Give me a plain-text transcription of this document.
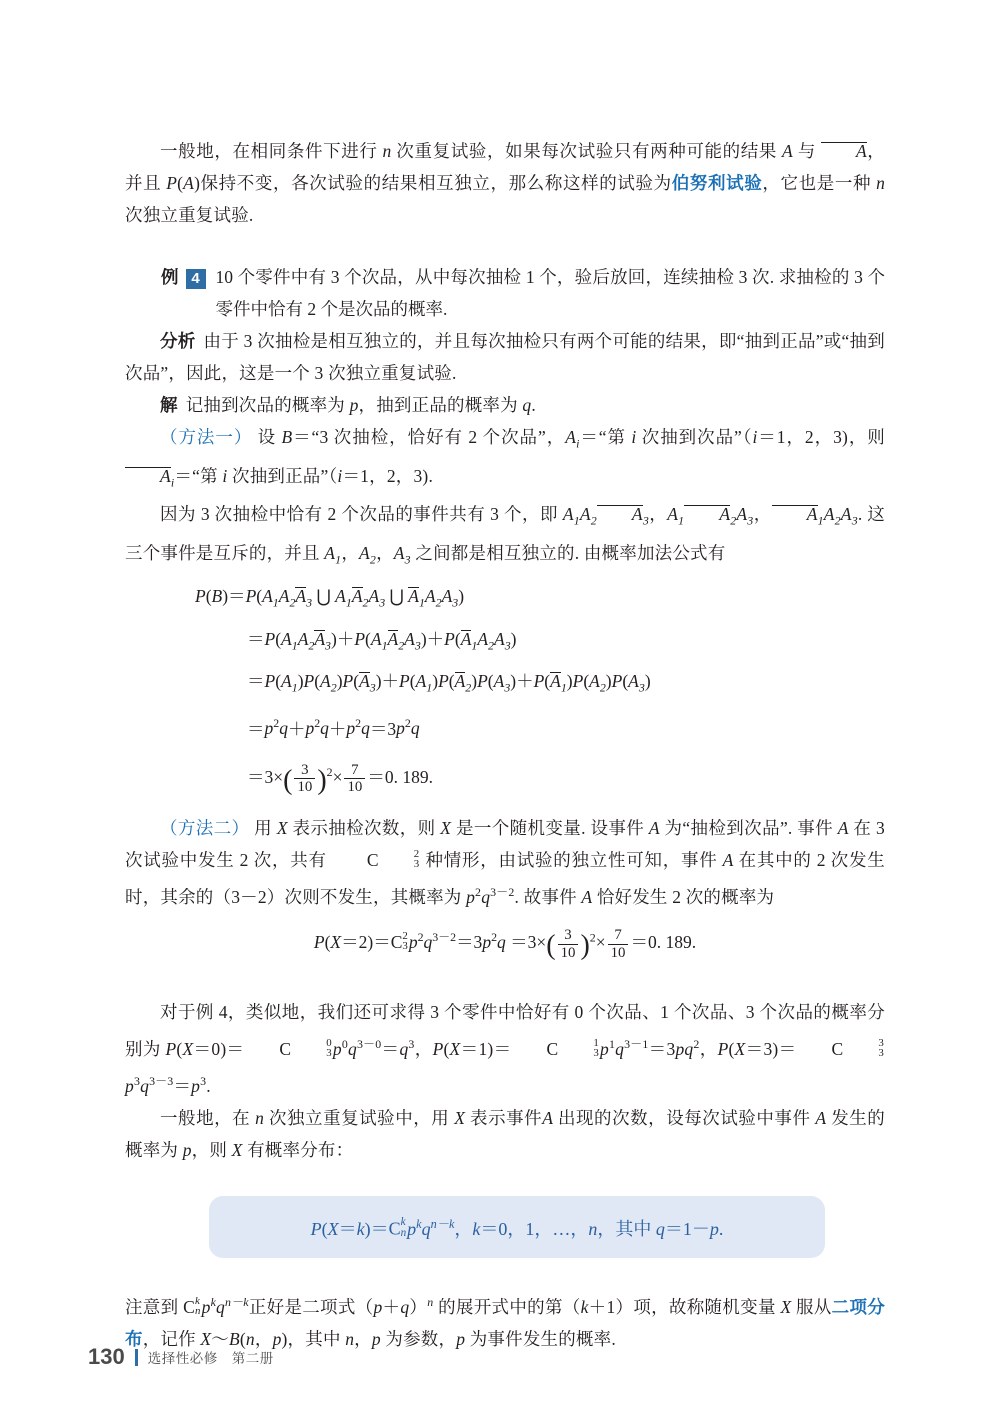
一般地，在相同条件下进行 n 次重复试验，如果每次试验只有两种可能的结果 A 与 A，并且 P(A)保持不变，各次试验的结果相互独立，那么称这样的试验为伯努利试验，它也是一种 n 次独立重复试验.

例 4 10 个零件中有 3 个次品，从中每次抽检 1 个，验后放回，连续抽检 3 次. 求抽检的 3 个零件中恰有 2 个是次品的概率.

分析 由于 3 次抽检是相互独立的，并且每次抽检只有两个可能的结果，即“抽到正品”或“抽到次品”，因此，这是一个 3 次独立重复试验.

解 记抽到次品的概率为 p，抽到正品的概率为 q.

（方法一） 设 B＝“3 次抽检，恰好有 2 个次品”，$A_i=“$第 i 次抽到次品”（i＝1，2，3)，则 $A_i=“$第 i 次抽到正品”（i＝1，2，3).

因为 3 次抽检中恰有 2 个次品的事件共有 3 个，即 $A_1A_2$ $A_3$，$A_1$ $A_2A_3$， $A_1A_2A_3$. 这三个事件是互斥的，并且 $A_1$，$A_2$，$A_3$ 之间都是相互独立的. 由概率加法公式有

$P(B)=P(A_1A_2A_3$ ⋃ $A_1A_2A_3$ ⋃ $A_1A_2A_3$)
$=P(A_1A_2A_3)+P(A_1A_2A_3)+P(A_1A_2A_3)$
$=P(A_1)P(A_2)P(A_3)+P(A_1)P(A_2)P(A_3)+P(A_1)P(A_2)P(A_3)$
$=p^2q+p^2q+p^2q=3p^2q$
$=3\times( \frac{3}{10} )^2\times \frac{7}{10} =0$. 189.

（方法二） 用 X 表示抽检次数，则 X 是一个随机变量. 设事件 A 为“抽检到次品”. 事件 A 在 3 次试验中发生 2 次，共有 C	2
3 种情形，由试验的独立性可知，事件 A 在其中的 2 次发生时，其余的（3－2）次则不发生，其概率为 $p^2q^{3-2}$. 故事件 A 恰好发生 2 次的概率为

P(X＝2)＝C 2
3 $p^2q^{3-2}=3p^2q =3\times( \frac{3}{10} )^2\times \frac{7}{10} =0$. 189.

对于例 4，类似地，我们还可求得 3 个零件中恰好有 0 个次品、1 个次品、3 个次品的概率分别为 P(X＝0)＝ C	0
3 $p^0q^{3-0}=q^3$，P(X＝1)＝ C	1
3 $p^1q^{3-1}=3pq^2$，P(X＝3)＝ C	3
3
$p^3q^{3-3}=p^3$.

一般地，在 n 次独立重复试验中，用 X 表示事件A 出现的次数，设每次试验中事件 A 发生的概率为 p，则 X 有概率分布：

P(X＝k)＝C k
n $p^kq^{n-k}$，k＝0，1，…，n，其中 q＝1－p.

注意到 C k
n $p^kq^{n-k}$正好是二项式$(p+q)^n$ 的展开式中的第（k＋1）项，故称随机变量 X 服从二项分布，记作 X～B(n，p)，其中 n，p 为参数，p 为事件发生的概率.

130 选择性必修 第二册
